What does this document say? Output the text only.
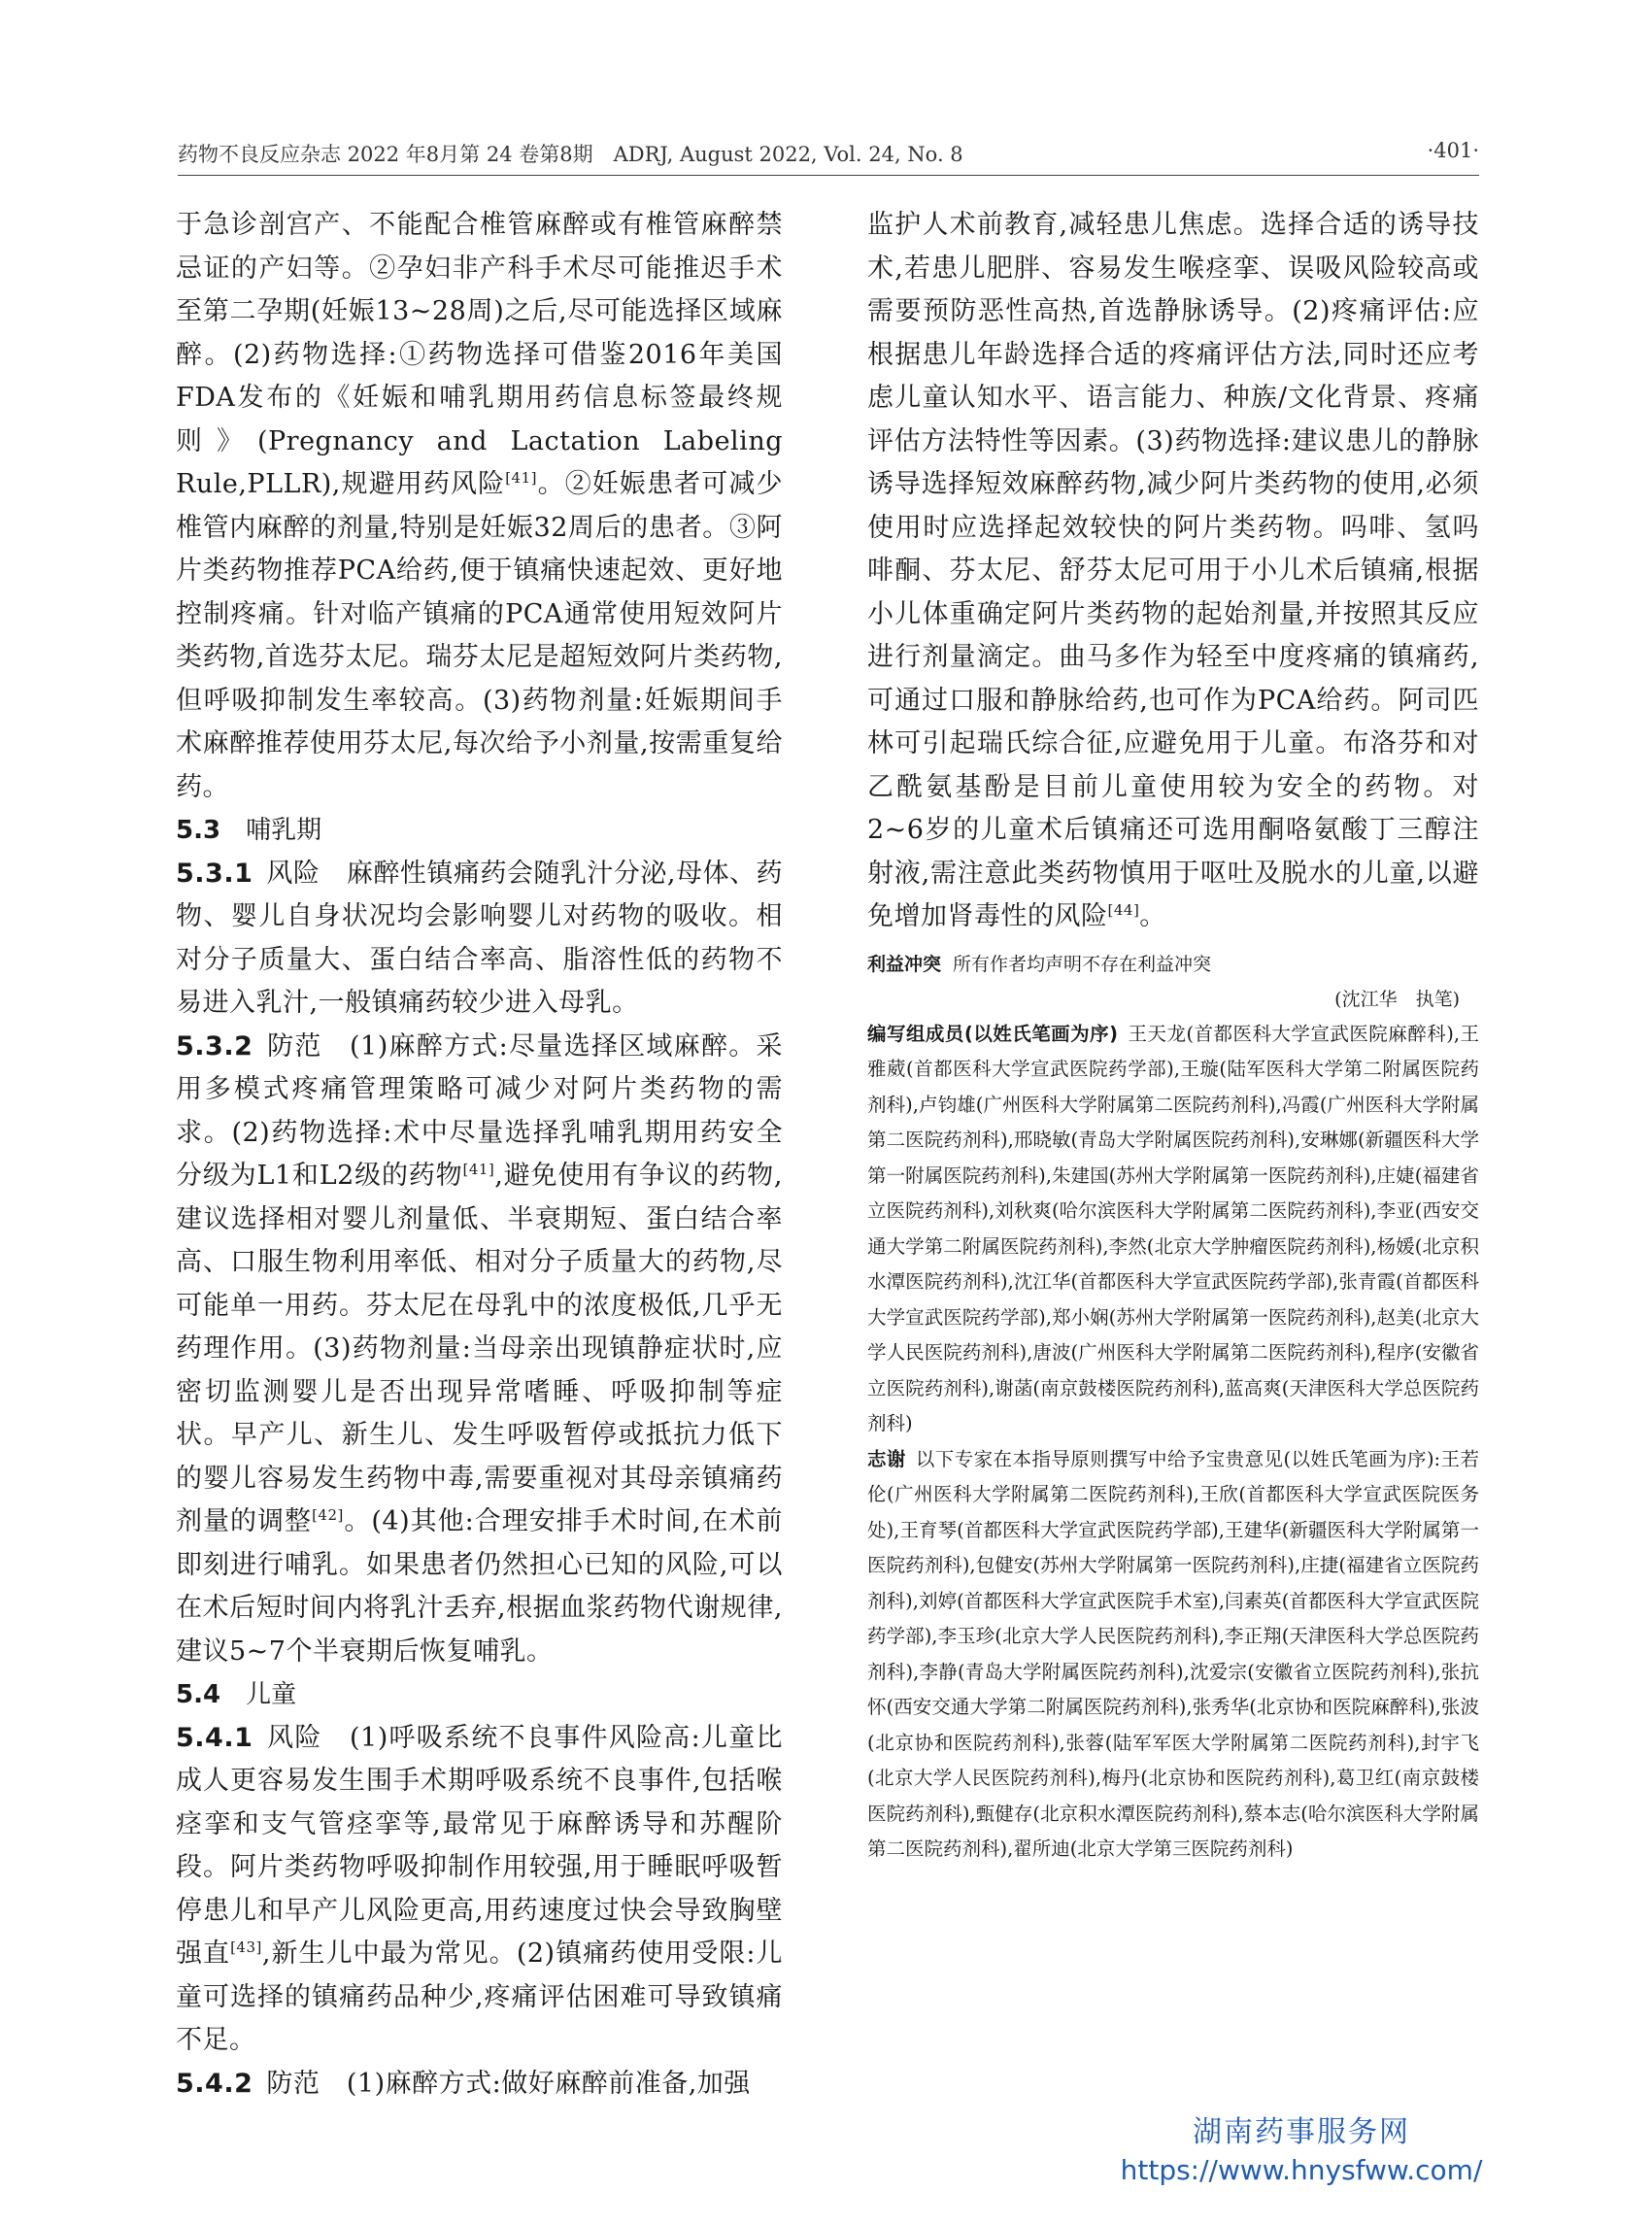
药物不良反应杂志 2022 年8月第 24 卷第8期　ADRJ, August 2022, Vol. 24, No. 8	·401·

于急诊剖宫产、不能配合椎管麻醉或有椎管麻醉禁忌证的产妇等。②孕妇非产科手术尽可能推迟手术至第二孕期(妊娠13~28周)之后,尽可能选择区域麻醉。(2)药物选择:①药物选择可借鉴2016年美国FDA发布的《妊娠和哺乳期用药信息标签最终规则》(Pregnancy and Lactation Labeling Rule,PLLR),规避用药风险[41]。②妊娠患者可减少椎管内麻醉的剂量,特别是妊娠32周后的患者。③阿片类药物推荐PCA给药,便于镇痛快速起效、更好地控制疼痛。针对临产镇痛的PCA通常使用短效阿片类药物,首选芬太尼。瑞芬太尼是超短效阿片类药物,但呼吸抑制发生率较高。(3)药物剂量:妊娠期间手术麻醉推荐使用芬太尼,每次给予小剂量,按需重复给药。

5.3　 哺乳期

5.3.1 风险　 麻醉性镇痛药会随乳汁分泌,母体、药物、婴儿自身状况均会影响婴儿对药物的吸收。相对分子质量大、蛋白结合率高、脂溶性低的药物不易进入乳汁,一般镇痛药较少进入母乳。

5.3.2 防范　 (1)麻醉方式:尽量选择区域麻醉。采用多模式疼痛管理策略可减少对阿片类药物的需求。(2)药物选择:术中尽量选择乳哺乳期用药安全分级为L1和L2级的药物[41],避免使用有争议的药物,建议选择相对婴儿剂量低、半衰期短、蛋白结合率高、口服生物利用率低、相对分子质量大的药物,尽可能单一用药。芬太尼在母乳中的浓度极低,几乎无药理作用。(3)药物剂量:当母亲出现镇静症状时,应密切监测婴儿是否出现异常嗜睡、呼吸抑制等症状。早产儿、新生儿、发生呼吸暂停或抵抗力低下的婴儿容易发生药物中毒,需要重视对其母亲镇痛药剂量的调整[42]。(4)其他:合理安排手术时间,在术前即刻进行哺乳。如果患者仍然担心已知的风险,可以在术后短时间内将乳汁丢弃,根据血浆药物代谢规律,建议5~7个半衰期后恢复哺乳。

5.4　 儿童

5.4.1 风险　 (1)呼吸系统不良事件风险高:儿童比成人更容易发生围手术期呼吸系统不良事件,包括喉痉挛和支气管痉挛等,最常见于麻醉诱导和苏醒阶段。阿片类药物呼吸抑制作用较强,用于睡眠呼吸暂停患儿和早产儿风险更高,用药速度过快会导致胸壁强直[43],新生儿中最为常见。(2)镇痛药使用受限:儿童可选择的镇痛药品种少,疼痛评估困难可导致镇痛不足。

5.4.2 防范　 (1)麻醉方式:做好麻醉前准备,加强

监护人术前教育,减轻患儿焦虑。选择合适的诱导技术,若患儿肥胖、容易发生喉痉挛、误吸风险较高或需要预防恶性高热,首选静脉诱导。(2)疼痛评估:应根据患儿年龄选择合适的疼痛评估方法,同时还应考虑儿童认知水平、语言能力、种族/文化背景、疼痛评估方法特性等因素。(3)药物选择:建议患儿的静脉诱导选择短效麻醉药物,减少阿片类药物的使用,必须使用时应选择起效较快的阿片类药物。吗啡、氢吗啡酮、芬太尼、舒芬太尼可用于小儿术后镇痛,根据小儿体重确定阿片类药物的起始剂量,并按照其反应进行剂量滴定。曲马多作为轻至中度疼痛的镇痛药,可通过口服和静脉给药,也可作为PCA给药。阿司匹林可引起瑞氏综合征,应避免用于儿童。布洛芬和对乙酰氨基酚是目前儿童使用较为安全的药物。对2~6岁的儿童术后镇痛还可选用酮咯氨酸丁三醇注射液,需注意此类药物慎用于呕吐及脱水的儿童,以避免增加肾毒性的风险[44]。

利益冲突 所有作者均声明不存在利益冲突

(沈江华　执笔)

编写组成员(以姓氏笔画为序) 王天龙(首都医科大学宣武医院麻醉科),王雅葳(首都医科大学宣武医院药学部),王璇(陆军医科大学第二附属医院药剂科),卢钧雄(广州医科大学附属第二医院药剂科),冯霞(广州医科大学附属第二医院药剂科),邢晓敏(青岛大学附属医院药剂科),安琳娜(新疆医科大学第一附属医院药剂科),朱建国(苏州大学附属第一医院药剂科),庄婕(福建省立医院药剂科),刘秋爽(哈尔滨医科大学附属第二医院药剂科),李亚(西安交通大学第二附属医院药剂科),李然(北京大学肿瘤医院药剂科),杨媛(北京积水潭医院药剂科),沈江华(首都医科大学宣武医院药学部),张青霞(首都医科大学宣武医院药学部),郑小娴(苏州大学附属第一医院药剂科),赵美(北京大学人民医院药剂科),唐波(广州医科大学附属第二医院药剂科),程序(安徽省立医院药剂科),谢菡(南京鼓楼医院药剂科),蓝高爽(天津医科大学总医院药剂科)

志谢 以下专家在本指导原则撰写中给予宝贵意见(以姓氏笔画为序):王若伦(广州医科大学附属第二医院药剂科),王欣(首都医科大学宣武医院医务处),王育琴(首都医科大学宣武医院药学部),王建华(新疆医科大学附属第一医院药剂科),包健安(苏州大学附属第一医院药剂科),庄捷(福建省立医院药剂科),刘婷(首都医科大学宣武医院手术室),闫素英(首都医科大学宣武医院药学部),李玉珍(北京大学人民医院药剂科),李正翔(天津医科大学总医院药剂科),李静(青岛大学附属医院药剂科),沈爱宗(安徽省立医院药剂科),张抗怀(西安交通大学第二附属医院药剂科),张秀华(北京协和医院麻醉科),张波(北京协和医院药剂科),张蓉(陆军军医大学附属第二医院药剂科),封宇飞(北京大学人民医院药剂科),梅丹(北京协和医院药剂科),葛卫红(南京鼓楼医院药剂科),甄健存(北京积水潭医院药剂科),蔡本志(哈尔滨医科大学附属第二医院药剂科),翟所迪(北京大学第三医院药剂科)

湖南药事服务网
https://www.hnysfww.com/
